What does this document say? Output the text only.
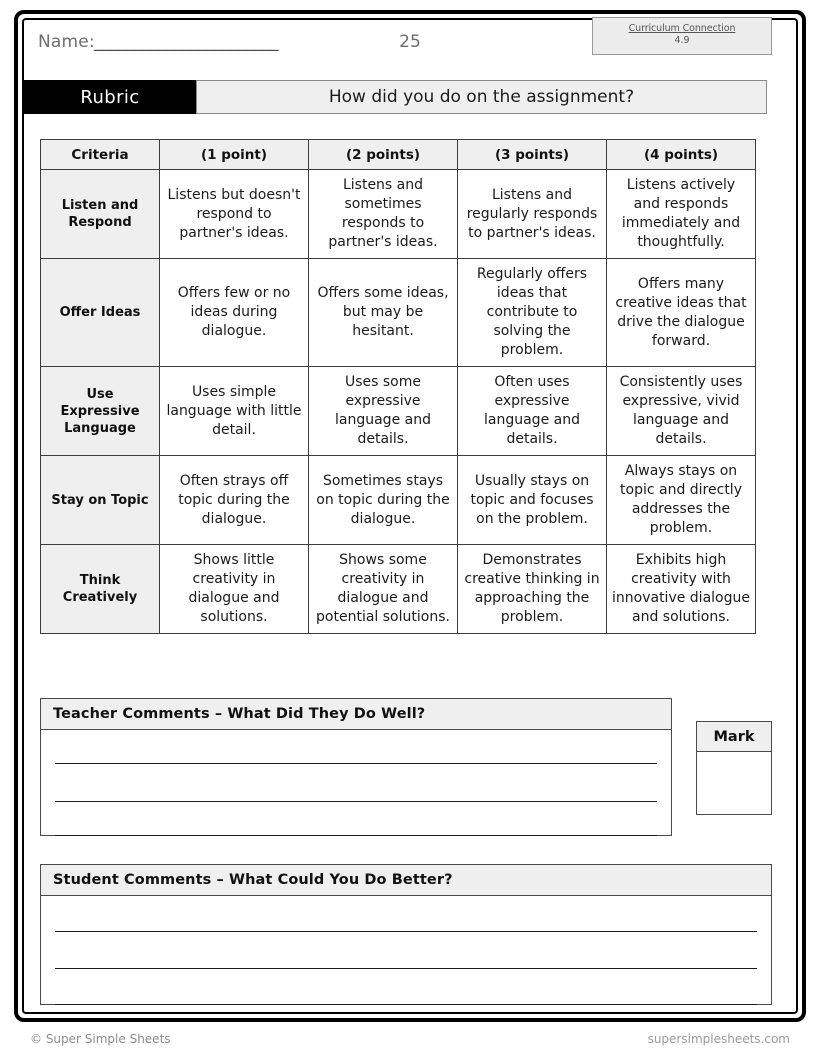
Name: _______________________	25
Curriculum Connection
4.9
Rubric	How did you do on the assignment?
Criteria	(1 point)	(2 points)	(3 points)	(4 points)
Listen and Respond	Listens but doesn't respond to partner's ideas.	Listens and sometimes responds to partner's ideas.	Listens and regularly responds to partner's ideas.	Listens actively and responds immediately and thoughtfully.
Offer Ideas	Offers few or no ideas during dialogue.	Offers some ideas, but may be hesitant.	Regularly offers ideas that contribute to solving the problem.	Offers many creative ideas that drive the dialogue forward.
Use Expressive Language	Uses simple language with little detail.	Uses some expressive language and details.	Often uses expressive language and details.	Consistently uses expressive, vivid language and details.
Stay on Topic	Often strays off topic during the dialogue.	Sometimes stays on topic during the dialogue.	Usually stays on topic and focuses on the problem.	Always stays on topic and directly addresses the problem.
Think Creatively	Shows little creativity in dialogue and solutions.	Shows some creativity in dialogue and potential solutions.	Demonstrates creative thinking in approaching the problem.	Exhibits high creativity with innovative dialogue and solutions.
Teacher Comments – What Did They Do Well?
Mark
Student Comments – What Could You Do Better?
© Super Simple Sheets	supersimplesheets.com
